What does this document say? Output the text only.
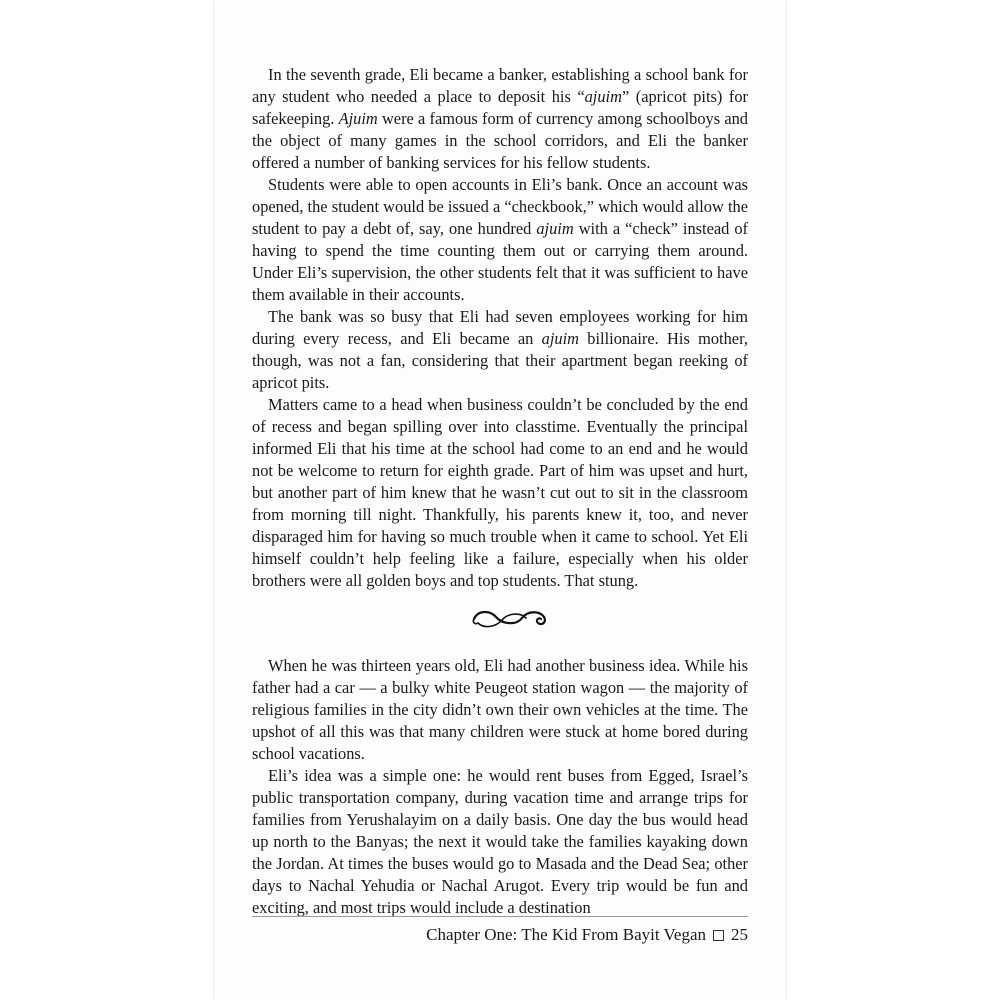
In the seventh grade, Eli became a banker, establishing a school bank for any student who needed a place to deposit his “ajuim” (apricot pits) for safekeeping. Ajuim were a famous form of currency among schoolboys and the object of many games in the school corridors, and Eli the banker offered a number of banking services for his fellow students.

Students were able to open accounts in Eli’s bank. Once an account was opened, the student would be issued a “checkbook,” which would allow the student to pay a debt of, say, one hundred ajuim with a “check” instead of having to spend the time counting them out or carrying them around. Under Eli’s supervision, the other students felt that it was sufficient to have them available in their accounts.

The bank was so busy that Eli had seven employees working for him during every recess, and Eli became an ajuim billionaire. His mother, though, was not a fan, considering that their apartment began reeking of apricot pits.

Matters came to a head when business couldn’t be concluded by the end of recess and began spilling over into classtime. Eventually the principal informed Eli that his time at the school had come to an end and he would not be welcome to return for eighth grade. Part of him was upset and hurt, but another part of him knew that he wasn’t cut out to sit in the classroom from morning till night. Thankfully, his parents knew it, too, and never disparaged him for having so much trouble when it came to school. Yet Eli himself couldn’t help feeling like a failure, especially when his older brothers were all golden boys and top students. That stung.

When he was thirteen years old, Eli had another business idea. While his father had a car — a bulky white Peugeot station wagon — the majority of religious families in the city didn’t own their own vehicles at the time. The upshot of all this was that many children were stuck at home bored during school vacations.

Eli’s idea was a simple one: he would rent buses from Egged, Israel’s public transportation company, during vacation time and arrange trips for families from Yerushalayim on a daily basis. One day the bus would head up north to the Banyas; the next it would take the families kayaking down the Jordan. At times the buses would go to Masada and the Dead Sea; other days to Nachal Yehudia or Nachal Arugot. Every trip would be fun and exciting, and most trips would include a destination

Chapter One: The Kid From Bayit Vegan 25
